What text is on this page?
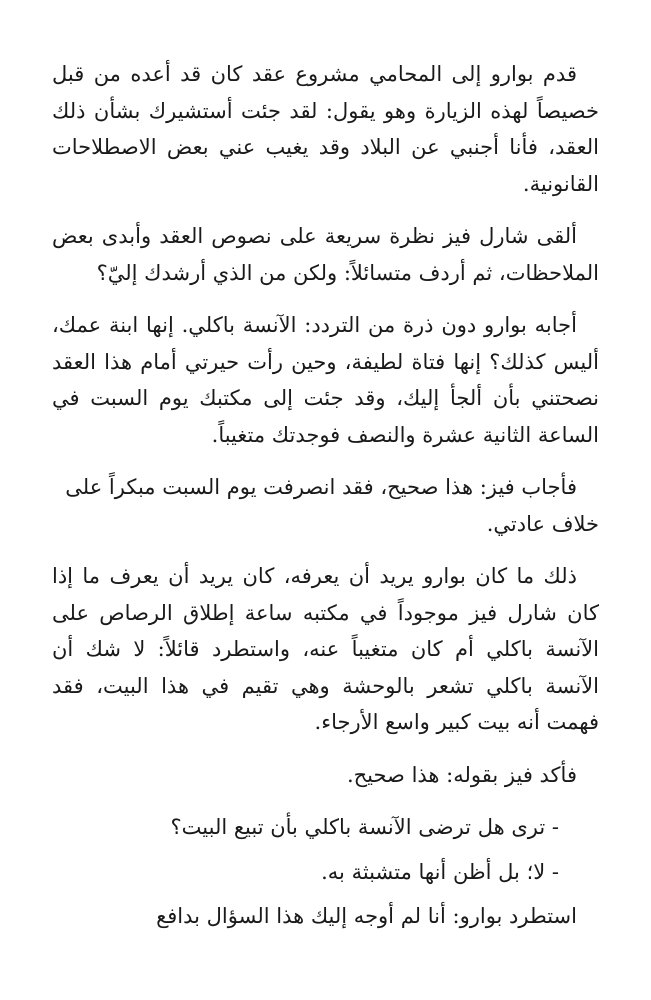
قدم بوارو إلى المحامي مشروع عقد كان قد أعده من قبل خصيصاً لهذه الزيارة وهو يقول: لقد جئت أستشيرك بشأن ذلك العقد، فأنا أجنبي عن البلاد وقد يغيب عني بعض الاصطلاحات القانونية.

ألقى شارل فيز نظرة سريعة على نصوص العقد وأبدى بعض الملاحظات، ثم أردف متسائلاً: ولكن من الذي أرشدك إليّ؟

أجابه بوارو دون ذرة من التردد: الآنسة باكلي. إنها ابنة عمك، أليس كذلك؟ إنها فتاة لطيفة، وحين رأت حيرتي أمام هذا العقد نصحتني بأن ألجأ إليك، وقد جئت إلى مكتبك يوم السبت في الساعة الثانية عشرة والنصف فوجدتك متغيباً.

فأجاب فيز: هذا صحيح، فقد انصرفت يوم السبت مبكراً على خلاف عادتي.

ذلك ما كان بوارو يريد أن يعرفه، كان يريد أن يعرف ما إذا كان شارل فيز موجوداً في مكتبه ساعة إطلاق الرصاص على الآنسة باكلي أم كان متغيباً عنه، واستطرد قائلاً: لا شك أن الآنسة باكلي تشعر بالوحشة وهي تقيم في هذا البيت، فقد فهمت أنه بيت كبير واسع الأرجاء.

فأكد فيز بقوله: هذا صحيح.

- ترى هل ترضى الآنسة باكلي بأن تبيع البيت؟

- لا؛ بل أظن أنها متشبثة به.

استطرد بوارو: أنا لم أوجه إليك هذا السؤال بدافع
